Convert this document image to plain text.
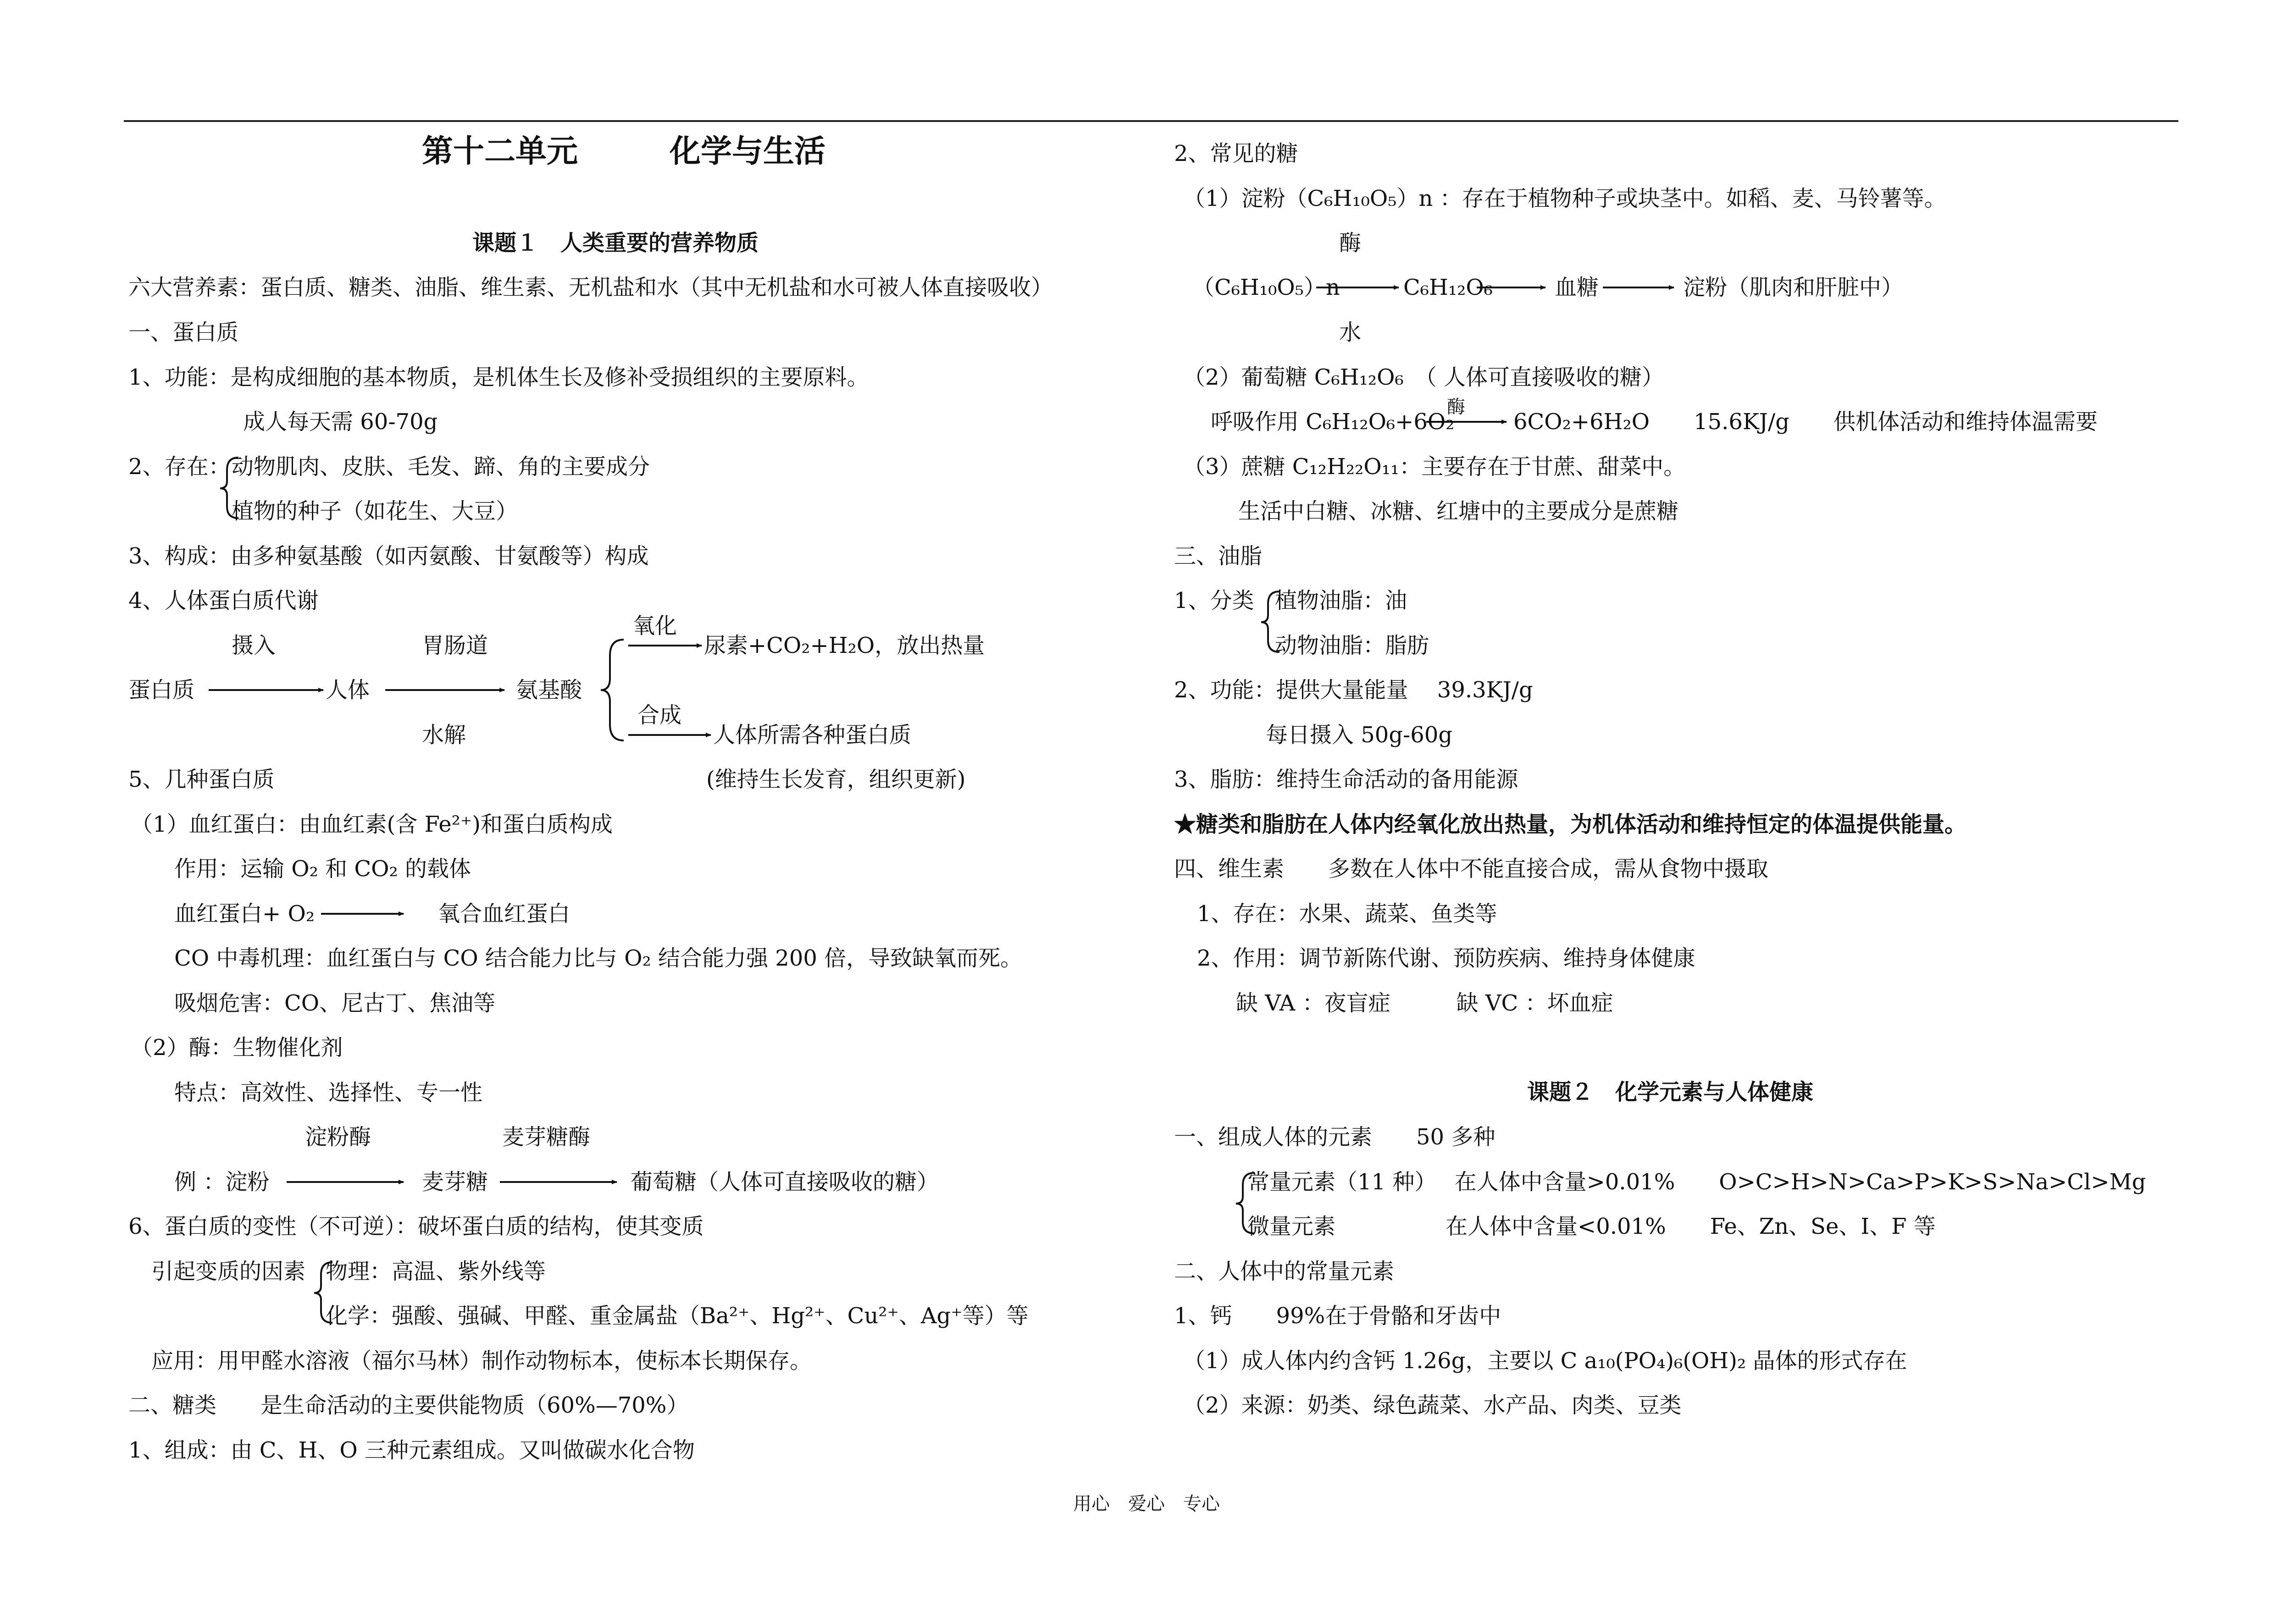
第十二单元	化学与生活
课题１　人类重要的营养物质
六大营养素：蛋白质、糖类、油脂、维生素、无机盐和水（其中无机盐和水可被人体直接吸收）
一、蛋白质
1、功能：是构成细胞的基本物质，是机体生长及修补受损组织的主要原料。
成人每天需 60-70g
2、存在： 动物肌肉、皮肤、毛发、蹄、角的主要成分
植物的种子（如花生、大豆）
3、构成：由多种氨基酸（如丙氨酸、甘氨酸等）构成
4、人体蛋白质代谢
摄入	胃肠道
氧化
尿素+CO₂+H₂O，放出热量
蛋白质	人体	氨基酸
合成
水解	人体所需各种蛋白质
(维持生长发育，组织更新)
5、几种蛋白质
（1）血红蛋白：由血红素(含 Fe²⁺)和蛋白质构成
作用：运输 O₂ 和 CO₂ 的载体
血红蛋白+ O₂	氧合血红蛋白
CO 中毒机理：血红蛋白与 CO 结合能力比与 O₂ 结合能力强 200 倍，导致缺氧而死。
吸烟危害：CO、尼古丁、焦油等
（2）酶：生物催化剂
特点：高效性、选择性、专一性
淀粉酶	麦芽糖酶
例 ：淀粉	麦芽糖	葡萄糖（人体可直接吸收的糖）
6、蛋白质的变性（不可逆）：破坏蛋白质的结构，使其变质
引起变质的因素 物理：高温、紫外线等
化学：强酸、强碱、甲醛、重金属盐（Ba²⁺、Hg²⁺、Cu²⁺、Ag⁺等）等
应用：用甲醛水溶液（福尔马林）制作动物标本，使标本长期保存。
二、糖类　　是生命活动的主要供能物质（60%—70%）
1、组成：由 C、H、O 三种元素组成。又叫做碳水化合物
2、常见的糖
（1）淀粉（C₆H₁₀O₅）n ：存在于植物种子或块茎中。如稻、麦、马铃薯等。
酶
（C₆H₁₀O₅）n	C₆H₁₂O₆	血糖	淀粉（肌肉和肝脏中）
水
（2）葡萄糖 C₆H₁₂O₆　（ 人体可直接吸收的糖）
酶
呼吸作用 C₆H₁₂O₆+6O₂	6CO₂+6H₂O　　15.6KJ/g　　供机体活动和维持体温需要
（3）蔗糖 C₁₂H₂₂O₁₁：主要存在于甘蔗、甜菜中。
生活中白糖、冰糖、红塘中的主要成分是蔗糖
三、油脂
1、分类 植物油脂：油
动物油脂：脂肪
2、功能：提供大量能量　 39.3KJ/g
每日摄入 50g-60g
3、脂肪：维持生命活动的备用能源
★糖类和脂肪在人体内经氧化放出热量，为机体活动和维持恒定的体温提供能量。
四、维生素　　多数在人体中不能直接合成，需从食物中摄取
1、存在：水果、蔬菜、鱼类等
2、作用：调节新陈代谢、预防疾病、维持身体健康
缺 VA ：夜盲症　　　缺 VC ：坏血症
课题２　化学元素与人体健康
一、组成人体的元素　　50 多种
常量元素（11 种）　 在人体中含量>0.01%　　O>C>H>N>Ca>P>K>S>Na>Cl>Mg
微量元素　　　　　在人体中含量<0.01%　　Fe、Zn、Se、I、F 等
二、人体中的常量元素
1、钙　　99%在于骨骼和牙齿中
（1）成人体内约含钙 1.26g，主要以 C a₁₀(PO₄)₆(OH)₂ 晶体的形式存在
（2）来源：奶类、绿色蔬菜、水产品、肉类、豆类
用心　爱心　专心
